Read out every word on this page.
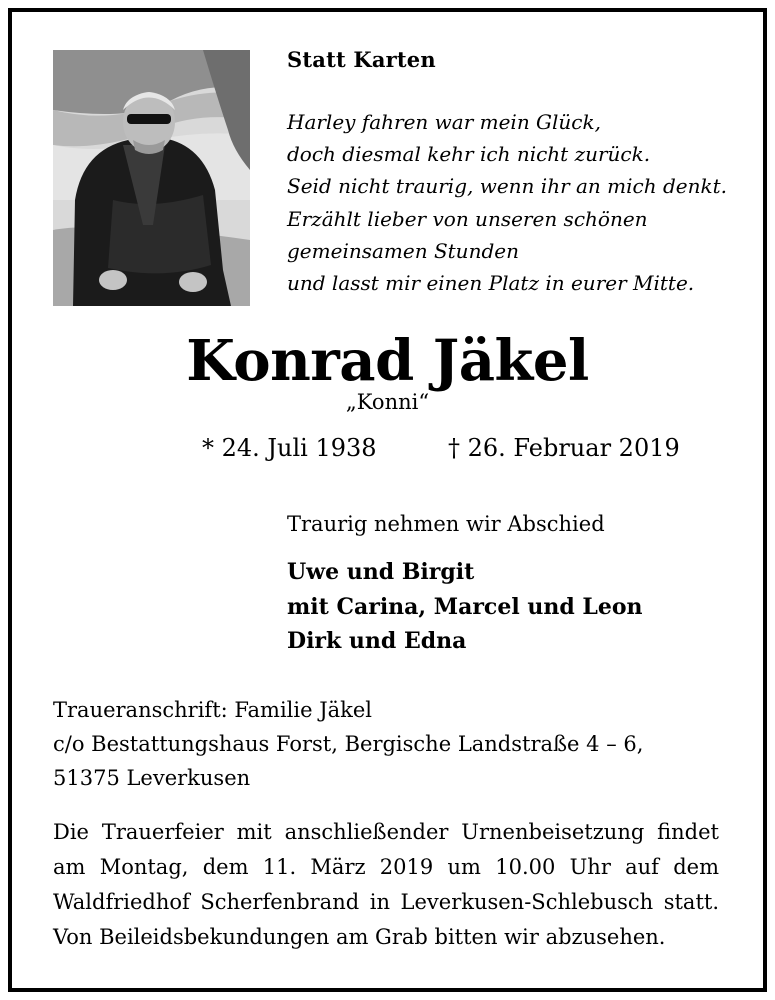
Statt Karten
Harley fahren war mein Glück,
doch diesmal kehr ich nicht zurück.
Seid nicht traurig, wenn ihr an mich denkt.
Erzählt lieber von unseren schönen
gemeinsamen Stunden
und lasst mir einen Platz in eurer Mitte.
Konrad Jäkel
„Konni“
* 24. Juli 1938	† 26. Februar 2019
Traurig nehmen wir Abschied
Uwe und Birgit
mit Carina, Marcel und Leon
Dirk und Edna
Traueranschrift: Familie Jäkel
c/o Bestattungshaus Forst, Bergische Landstraße 4 – 6,
51375 Leverkusen
Die Trauerfeier mit anschließender Urnenbeisetzung findet
am Montag, dem 11. März 2019 um 10.00 Uhr auf dem
Waldfriedhof Scherfenbrand in Leverkusen-Schlebusch statt.
Von Beileidsbekundungen am Grab bitten wir abzusehen.
